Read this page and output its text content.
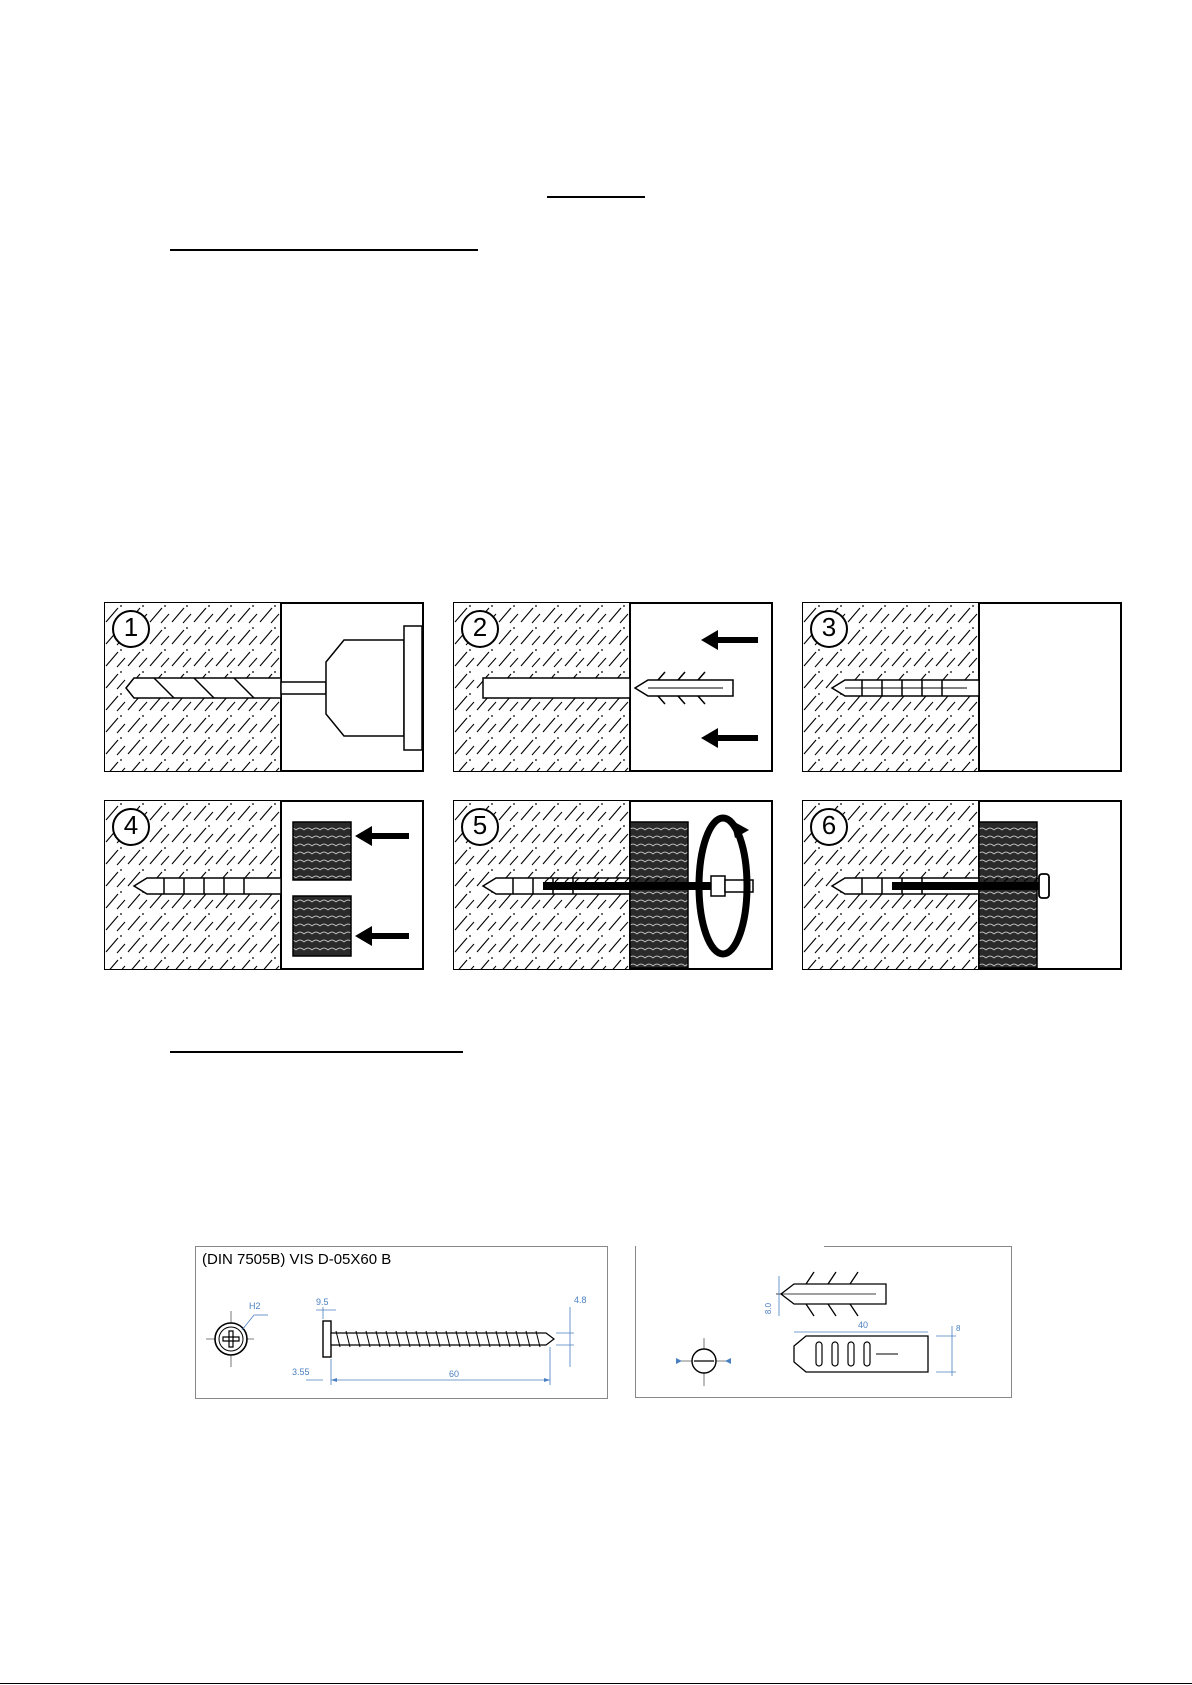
1	2	3
4	5	6
(DIN 7505B) VIS D-05X60 B
H2	9.5
3.55	60
4.8
8.0
40	8
